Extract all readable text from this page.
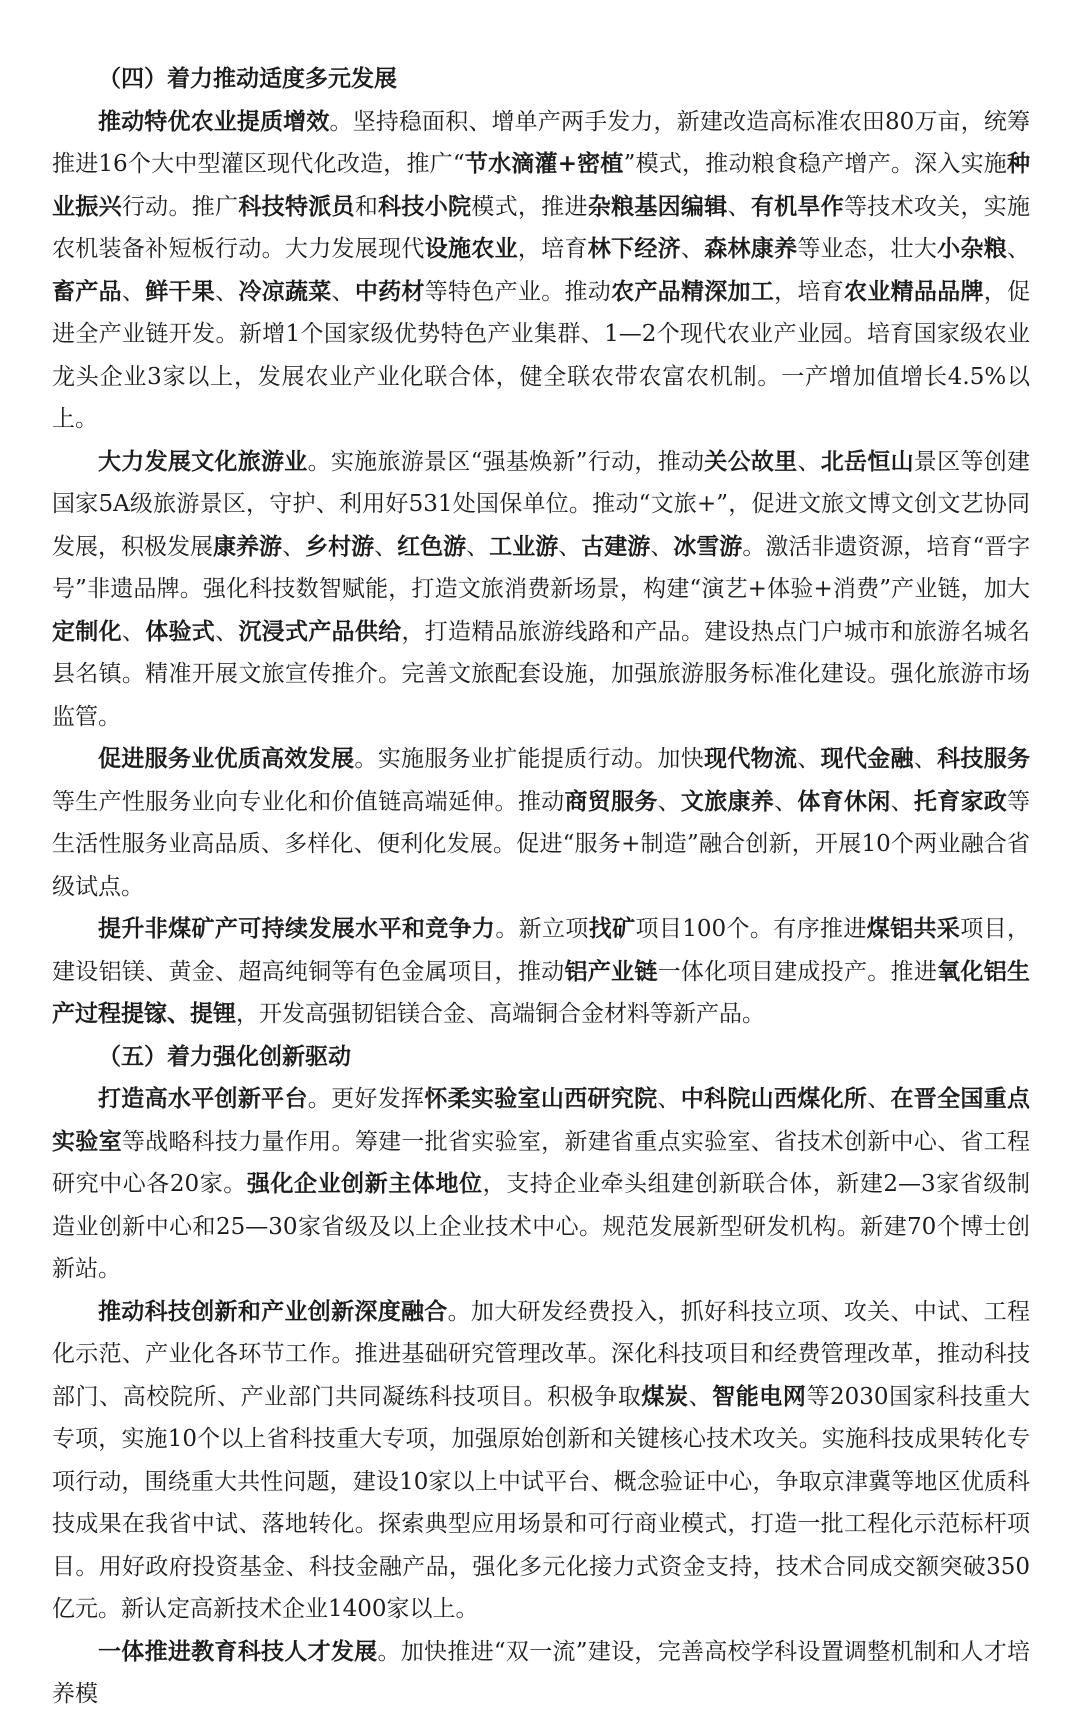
（四）着力推动适度多元发展

推动特优农业提质增效。坚持稳面积、增单产两手发力，新建改造高标准农田80万亩，统筹推进16个大中型灌区现代化改造，推广“节水滴灌+密植”模式，推动粮食稳产增产。深入实施种业振兴行动。推广科技特派员和科技小院模式，推进杂粮基因编辑、有机旱作等技术攻关，实施农机装备补短板行动。大力发展现代设施农业，培育林下经济、森林康养等业态，壮大小杂粮、畜产品、鲜干果、冷凉蔬菜、中药材等特色产业。推动农产品精深加工，培育农业精品品牌，促进全产业链开发。新增1个国家级优势特色产业集群、1—2个现代农业产业园。培育国家级农业龙头企业3家以上，发展农业产业化联合体，健全联农带农富农机制。一产增加值增长4.5%以上。

大力发展文化旅游业。实施旅游景区“强基焕新”行动，推动关公故里、北岳恒山景区等创建国家5A级旅游景区，守护、利用好531处国保单位。推动“文旅+”，促进文旅文博文创文艺协同发展，积极发展康养游、乡村游、红色游、工业游、古建游、冰雪游。激活非遗资源，培育“晋字号”非遗品牌。强化科技数智赋能，打造文旅消费新场景，构建“演艺+体验+消费”产业链，加大定制化、体验式、沉浸式产品供给，打造精品旅游线路和产品。建设热点门户城市和旅游名城名县名镇。精准开展文旅宣传推介。完善文旅配套设施，加强旅游服务标准化建设。强化旅游市场监管。

促进服务业优质高效发展。实施服务业扩能提质行动。加快现代物流、现代金融、科技服务等生产性服务业向专业化和价值链高端延伸。推动商贸服务、文旅康养、体育休闲、托育家政等生活性服务业高品质、多样化、便利化发展。促进“服务+制造”融合创新，开展10个两业融合省级试点。

提升非煤矿产可持续发展水平和竞争力。新立项找矿项目100个。有序推进煤铝共采项目，建设铝镁、黄金、超高纯铜等有色金属项目，推动铝产业链一体化项目建成投产。推进氧化铝生产过程提镓、提锂，开发高强韧铝镁合金、高端铜合金材料等新产品。

（五）着力强化创新驱动

打造高水平创新平台。更好发挥怀柔实验室山西研究院、中科院山西煤化所、在晋全国重点实验室等战略科技力量作用。筹建一批省实验室，新建省重点实验室、省技术创新中心、省工程研究中心各20家。强化企业创新主体地位，支持企业牵头组建创新联合体，新建2—3家省级制造业创新中心和25—30家省级及以上企业技术中心。规范发展新型研发机构。新建70个博士创新站。

推动科技创新和产业创新深度融合。加大研发经费投入，抓好科技立项、攻关、中试、工程化示范、产业化各环节工作。推进基础研究管理改革。深化科技项目和经费管理改革，推动科技部门、高校院所、产业部门共同凝练科技项目。积极争取煤炭、智能电网等2030国家科技重大专项，实施10个以上省科技重大专项，加强原始创新和关键核心技术攻关。实施科技成果转化专项行动，围绕重大共性问题，建设10家以上中试平台、概念验证中心，争取京津冀等地区优质科技成果在我省中试、落地转化。探索典型应用场景和可行商业模式，打造一批工程化示范标杆项目。用好政府投资基金、科技金融产品，强化多元化接力式资金支持，技术合同成交额突破350亿元。新认定高新技术企业1400家以上。

一体推进教育科技人才发展。加快推进“双一流”建设，完善高校学科设置调整机制和人才培养模
